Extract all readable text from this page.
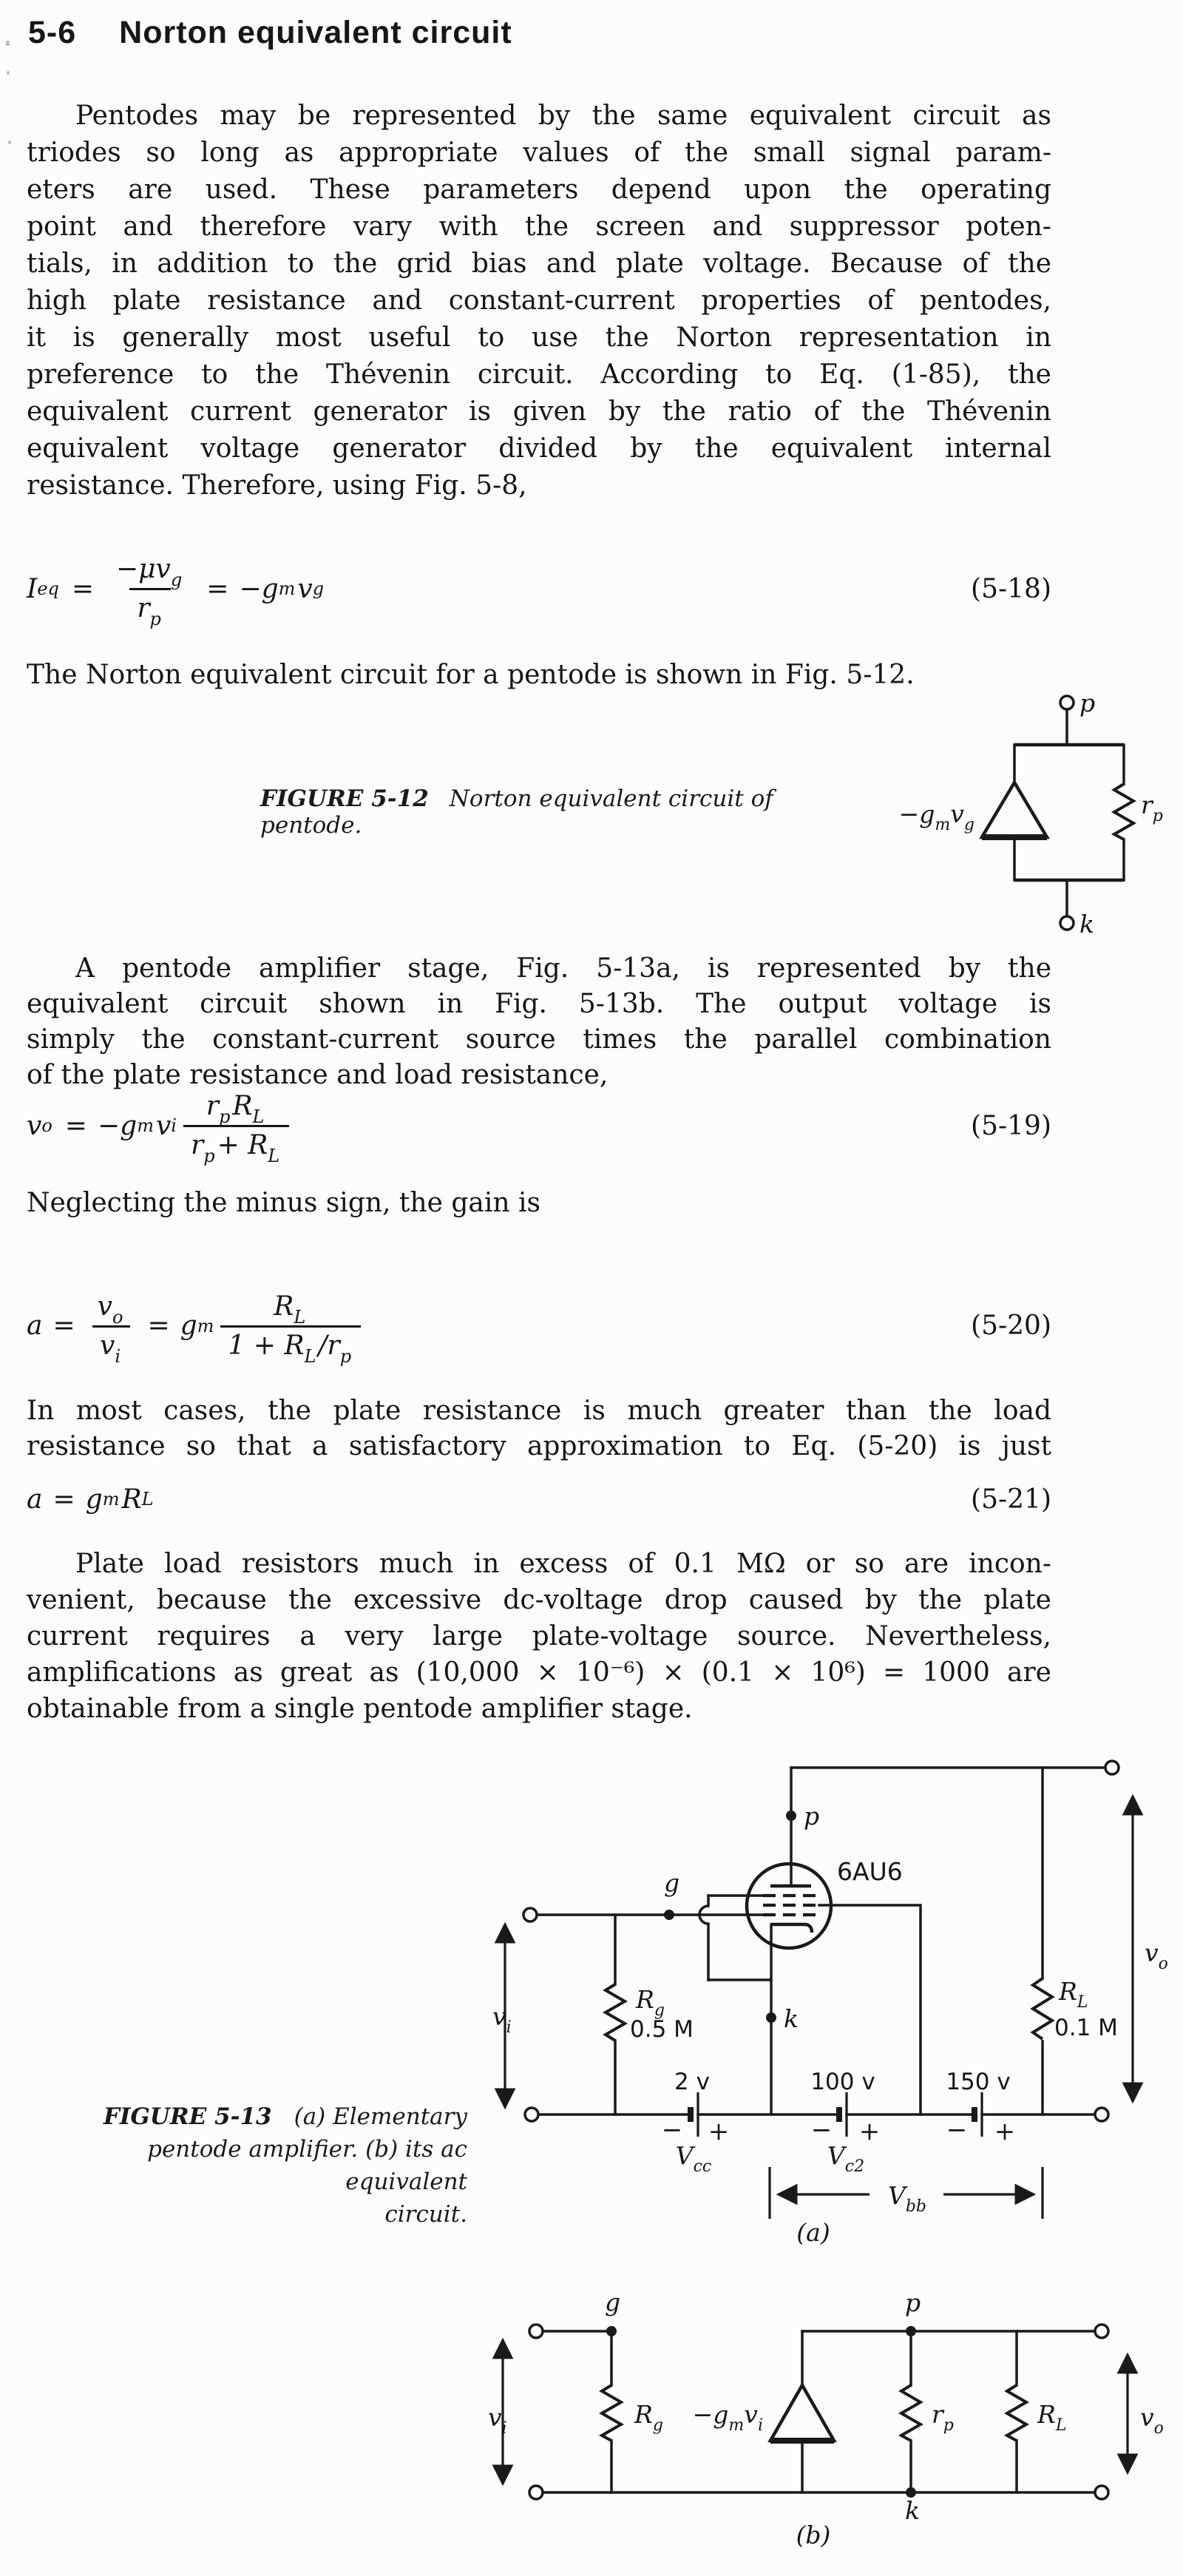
5-6 Norton equivalent circuit
Pentodes may be represented by the same equivalent circuit as
triodes so long as appropriate values of the small signal param-
eters are used. These parameters depend upon the operating
point and therefore vary with the screen and suppressor poten-
tials, in addition to the grid bias and plate voltage. Because of the
high plate resistance and constant-current properties of pentodes,
it is generally most useful to use the Norton representation in
preference to the Thévenin circuit. According to Eq. (1-85), the
equivalent current generator is given by the ratio of the Thévenin
equivalent voltage generator divided by the equivalent internal
resistance. Therefore, using Fig. 5-8,
I eq = $\frac{-\mu v_g}{r_p} = -g$ m v g	(5-18)
The Norton equivalent circuit for a pentode is shown in Fig. 5-12.
p
k
$r_p$
$-g_mv_g$
FIGURE 5-12 Norton equivalent circuit of pentode.
A pentode amplifier stage, Fig. 5-13a, is represented by the
equivalent circuit shown in Fig. 5-13b. The output voltage is
simply the constant-current source times the parallel combination
of the plate resistance and load resistance,
v o = −g m v i $\frac{r_pR_L}{r_p+ R_L}$	(5-19)
Neglecting the minus sign, the gain is
$a = \frac{v_o}{v_i} = g$ m $\frac{R_L}{1 + R_L/r_p}$	(5-20)
In most cases, the plate resistance is much greater than the load
resistance so that a satisfactory approximation to Eq. (5-20) is just
a = g m R L	(5-21)
Plate load resistors much in excess of 0.1 MΩ or so are incon-
venient, because the excessive dc-voltage drop caused by the plate
current requires a very large plate-voltage source. Nevertheless,
amplifications as great as (10,000 × 10⁻⁶) × (0.1 × 10⁶) = 1000 are
obtainable from a single pentode amplifier stage.
p
g
k
6AU6
$R_g$
0.5 M
$R_L$
0.1 M
$v_i$
$v_o$
2 v	100 v	150 v
− +	− +	− +
$V_{cc}$	$V_{c2}$
$V_{bb}$
(a)
FIGURE 5-13 (a) Elementary
pentode amplifier. (b) its ac equivalent
circuit.
g	p
k
$R_g -g_mv_i$	$r_p$	$R_L$
$v_i$	$v_o$
(b)
